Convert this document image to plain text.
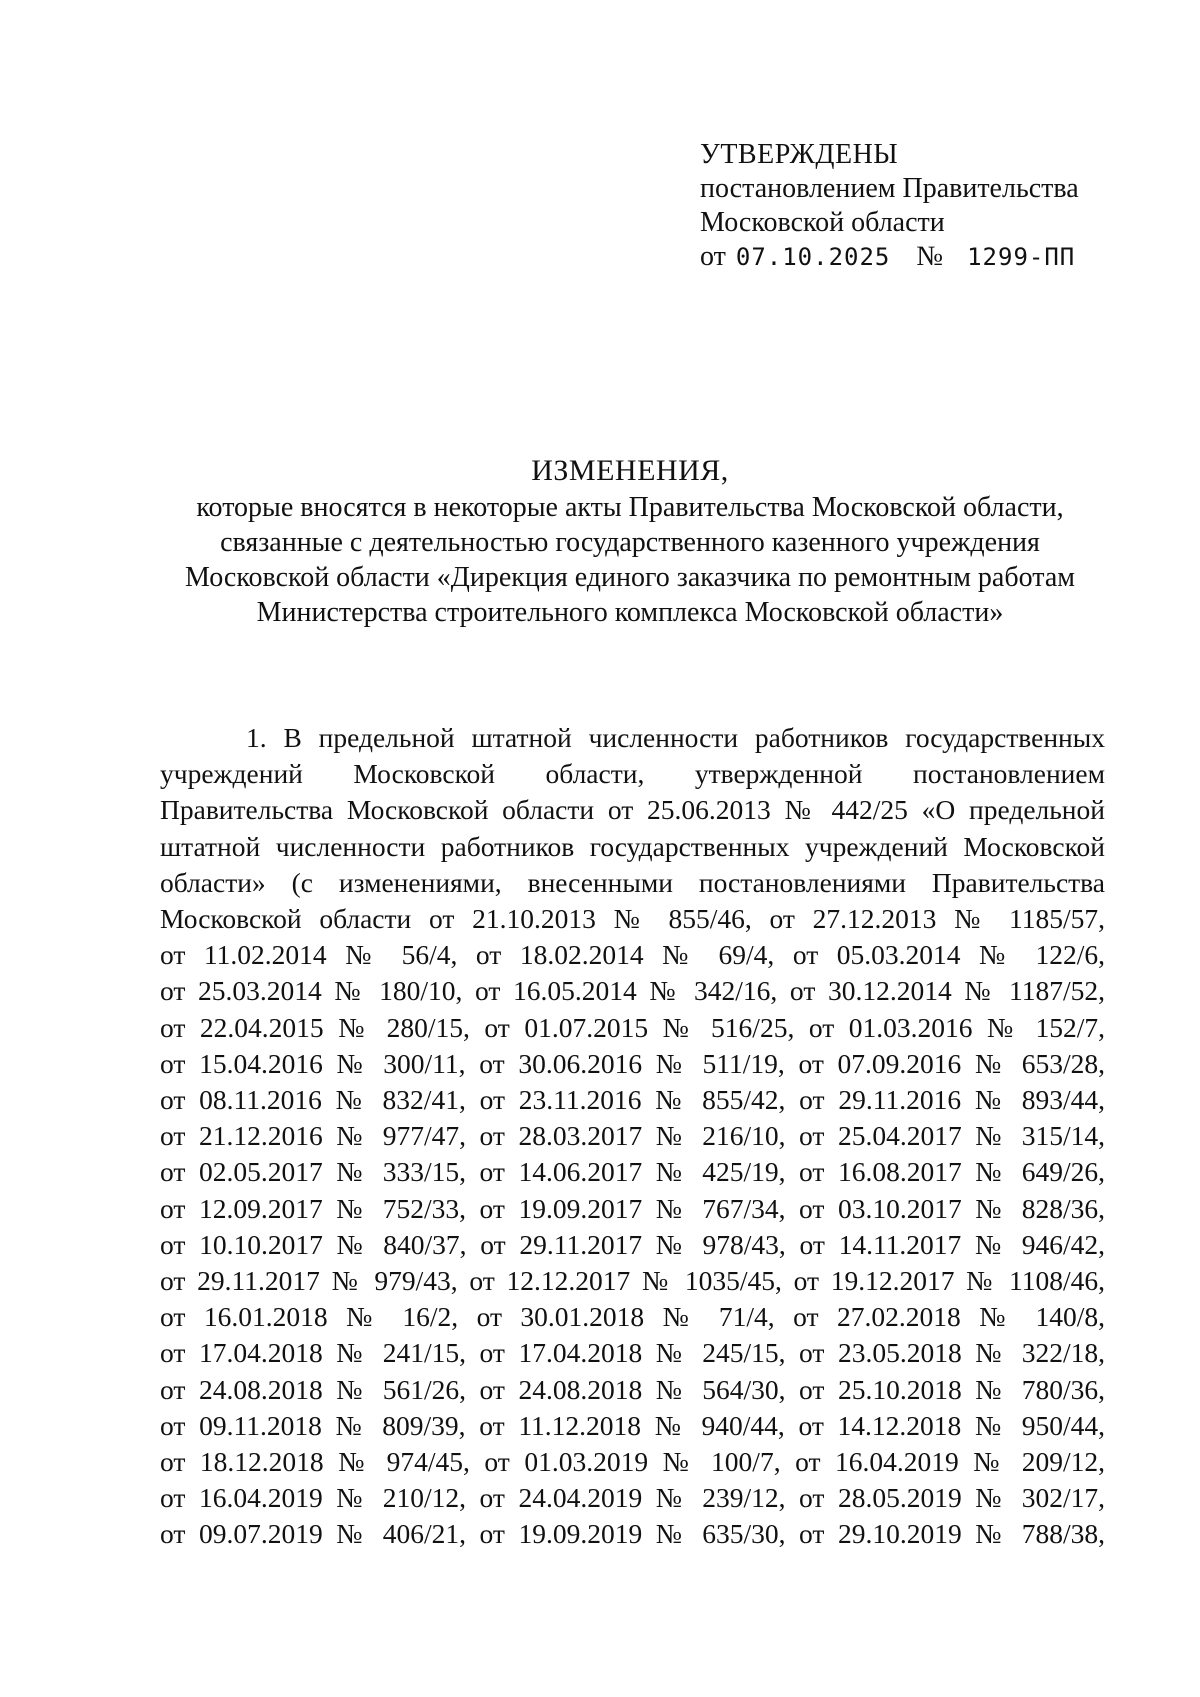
УТВЕРЖДЕНЫ
постановлением Правительства
Московской области
от 07.10.2025 № 1299-ПП
ИЗМЕНЕНИЯ,
которые вносятся в некоторые акты Правительства Московской области,
связанные с деятельностью государственного казенного учреждения
Московской области «Дирекция единого заказчика по ремонтным работам
Министерства строительного комплекса Московской области»
1. В предельной штатной численности работников государственных
учреждений Московской области, утвержденной постановлением
Правительства Московской области от 25.06.2013 № 442/25 «О предельной
штатной численности работников государственных учреждений Московской
области» (с изменениями, внесенными постановлениями Правительства
Московской области от 21.10.2013 № 855/46, от 27.12.2013 № 1185/57,
от 11.02.2014 № 56/4, от 18.02.2014 № 69/4, от 05.03.2014 № 122/6,
от 25.03.2014 № 180/10, от 16.05.2014 № 342/16, от 30.12.2014 № 1187/52,
от 22.04.2015 № 280/15, от 01.07.2015 № 516/25, от 01.03.2016 № 152/7,
от 15.04.2016 № 300/11, от 30.06.2016 № 511/19, от 07.09.2016 № 653/28,
от 08.11.2016 № 832/41, от 23.11.2016 № 855/42, от 29.11.2016 № 893/44,
от 21.12.2016 № 977/47, от 28.03.2017 № 216/10, от 25.04.2017 № 315/14,
от 02.05.2017 № 333/15, от 14.06.2017 № 425/19, от 16.08.2017 № 649/26,
от 12.09.2017 № 752/33, от 19.09.2017 № 767/34, от 03.10.2017 № 828/36,
от 10.10.2017 № 840/37, от 29.11.2017 № 978/43, от 14.11.2017 № 946/42,
от 29.11.2017 № 979/43, от 12.12.2017 № 1035/45, от 19.12.2017 № 1108/46,
от 16.01.2018 № 16/2, от 30.01.2018 № 71/4, от 27.02.2018 № 140/8,
от 17.04.2018 № 241/15, от 17.04.2018 № 245/15, от 23.05.2018 № 322/18,
от 24.08.2018 № 561/26, от 24.08.2018 № 564/30, от 25.10.2018 № 780/36,
от 09.11.2018 № 809/39, от 11.12.2018 № 940/44, от 14.12.2018 № 950/44,
от 18.12.2018 № 974/45, от 01.03.2019 № 100/7, от 16.04.2019 № 209/12,
от 16.04.2019 № 210/12, от 24.04.2019 № 239/12, от 28.05.2019 № 302/17,
от 09.07.2019 № 406/21, от 19.09.2019 № 635/30, от 29.10.2019 № 788/38,
